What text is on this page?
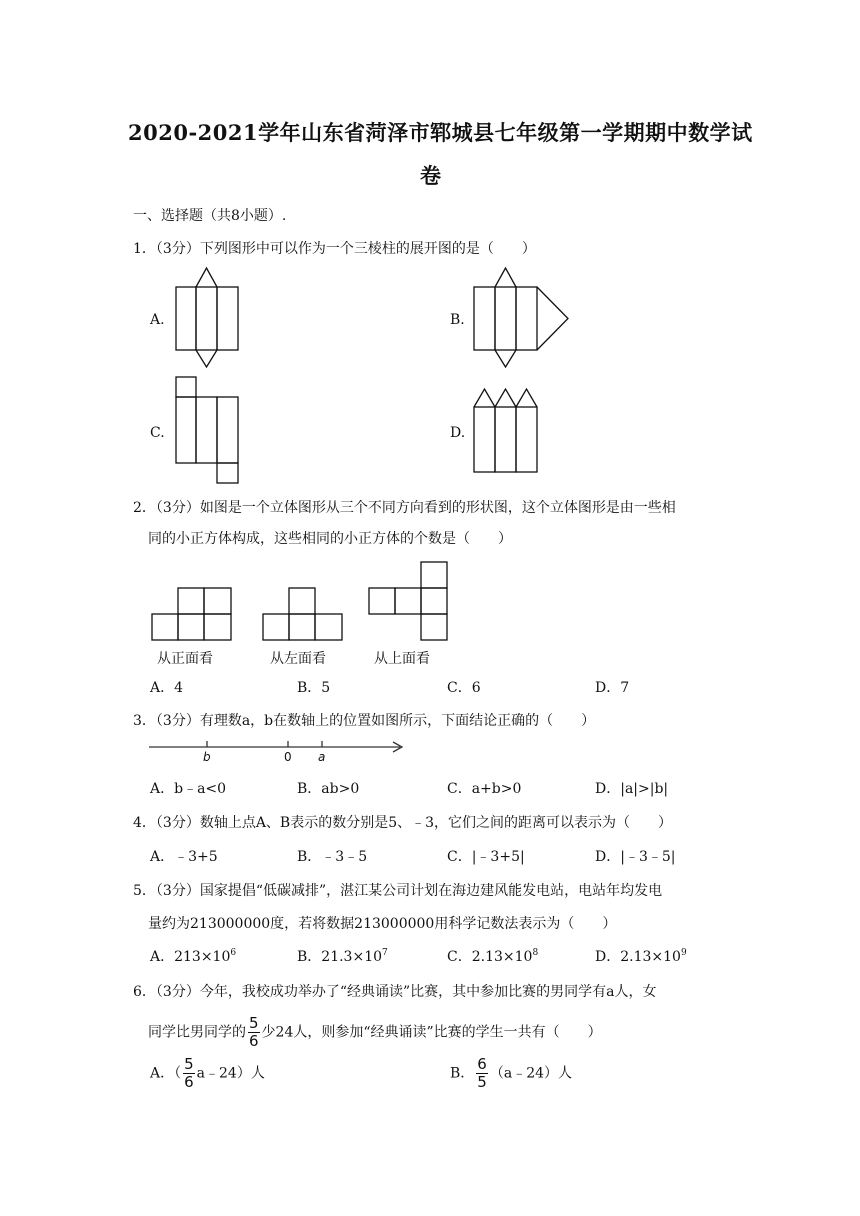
2020-2021学年山东省菏泽市郓城县七年级第一学期期中数学试
卷
一、选择题（共8小题）.
1．（3分）下列图形中可以作为一个三棱柱的展开图的是（　　）
A.	B.
C.	D.
2．（3分）如图是一个立体图形从三个不同方向看到的形状图，这个立体图形是由一些相
同的小正方体构成，这些相同的小正方体的个数是（　　）
从正面看	从左面看	从上面看
A．4	B．5	C．6	D．7
3．（3分）有理数a，b在数轴上的位置如图所示，下面结论正确的（　　）
b	0 a
A．b﹣a<0	B．ab>0	C．a+b>0	D．|a|>|b|
4．（3分）数轴上点A、B表示的数分别是5、﹣3，它们之间的距离可以表示为（　　）
A．﹣3+5	B．﹣3﹣5	C．|﹣3+5|	D．|﹣3﹣5|
5．（3分）国家提倡“低碳减排”，湛江某公司计划在海边建风能发电站，电站年均发电
量约为213000000度，若将数据213000000用科学记数法表示为（　　）
A．$213\times 10^6$	B．$21.3\times 10^7$	C．$2.13\times 10^8$	D．$2.13\times 10^9$
6．（3分）今年，我校成功举办了“经典诵读”比赛，其中参加比赛的男同学有a人，女
同学比男同学的 $\frac{5}{6}$ 少24人，则参加“经典诵读”比赛的学生一共有（　　）
A．（ $\frac{5}{6}$ a﹣24）人	B． $\frac{6}{5}$ （a﹣24）人
